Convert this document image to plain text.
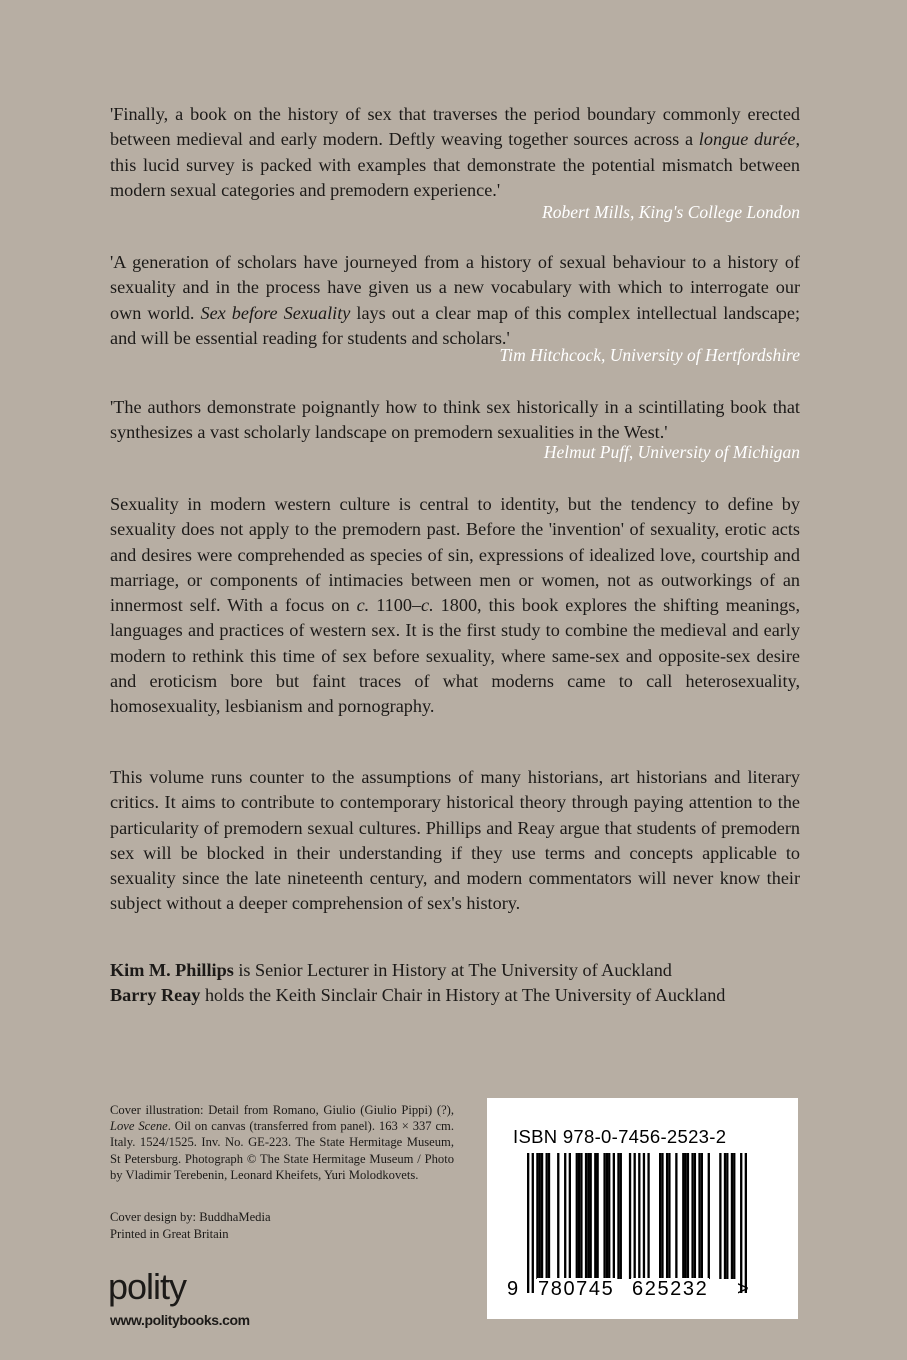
'Finally, a book on the history of sex that traverses the period boundary commonly erected between medieval and early modern. Deftly weaving together sources across a longue durée, this lucid survey is packed with examples that demonstrate the potential mismatch between modern sexual categories and premodern experience.'

Robert Mills, King's College London

'A generation of scholars have journeyed from a history of sexual behaviour to a history of sexuality and in the process have given us a new vocabulary with which to interrogate our own world. Sex before Sexuality lays out a clear map of this complex intellectual landscape; and will be essential reading for students and scholars.'

Tim Hitchcock, University of Hertfordshire

'The authors demonstrate poignantly how to think sex historically in a scintillating book that synthesizes a vast scholarly landscape on premodern sexualities in the West.'

Helmut Puff, University of Michigan

Sexuality in modern western culture is central to identity, but the tendency to define by sexuality does not apply to the premodern past. Before the 'invention' of sexuality, erotic acts and desires were comprehended as species of sin, expressions of idealized love, courtship and marriage, or components of intimacies between men or women, not as outworkings of an innermost self. With a focus on c. 1100–c. 1800, this book explores the shifting meanings, languages and practices of western sex. It is the first study to combine the medieval and early modern to rethink this time of sex before sexuality, where same-sex and opposite-sex desire and eroticism bore but faint traces of what moderns came to call heterosexuality, homosexuality, lesbianism and pornography.

This volume runs counter to the assumptions of many historians, art historians and literary critics. It aims to contribute to contemporary historical theory through paying attention to the particularity of premodern sexual cultures. Phillips and Reay argue that students of premodern sex will be blocked in their understanding if they use terms and concepts applicable to sexuality since the late nineteenth century, and modern commentators will never know their subject without a deeper comprehension of sex's history.

Kim M. Phillips is Senior Lecturer in History at The University of Auckland

Barry Reay holds the Keith Sinclair Chair in History at The University of Auckland

Cover illustration: Detail from Romano, Giulio (Giulio Pippi) (?), Love Scene. Oil on canvas (transferred from panel). 163 × 337 cm. Italy. 1524/1525. Inv. No. GE-223. The State Hermitage Museum, St Petersburg. Photograph © The State Hermitage Museum / Photo by Vladimir Terebenin, Leonard Kheifets, Yuri Molodkovets.

Cover design by: BuddhaMedia

Printed in Great Britain

polity

www.politybooks.com

ISBN 978-0-7456-2523-2
9 780745 625232 >
